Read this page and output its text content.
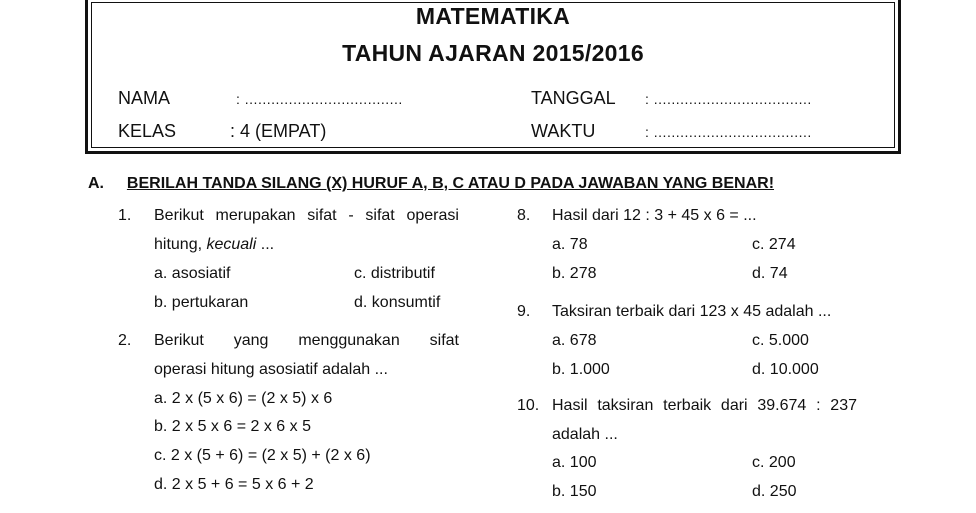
MATEMATIKA
TAHUN AJARAN 2015/2016
NAMA	: ....................................	TANGGAL : ....................................
KELAS	: 4 (EMPAT)	WAKTU	: ....................................
A. BERILAH TANDA SILANG (X) HURUF A, B, C ATAU D PADA JAWABAN YANG BENAR!
1. Berikut merupakan sifat - sifat operasi
hitung, kecuali ...
a. asosiatif
b. pertukaran
c. distributif
d. konsumtif
2. Berikut yang menggunakan sifat
operasi hitung asosiatif adalah ...
a. 2 x (5 x 6) = (2 x 5) x 6
b. 2 x 5 x 6 = 2 x 6 x 5
c. 2 x (5 + 6) = (2 x 5) + (2 x 6)
d. 2 x 5 + 6 = 5 x 6 + 2
8. Hasil dari 12 : 3 + 45 x 6 = ...
a. 78
b. 278
c. 274
d. 74
9. Taksiran terbaik dari 123 x 45 adalah ...
a. 678
b. 1.000
c. 5.000
d. 10.000
10. Hasil taksiran terbaik dari 39.674 : 237
adalah ...
a. 100
b. 150
c. 200
d. 250
